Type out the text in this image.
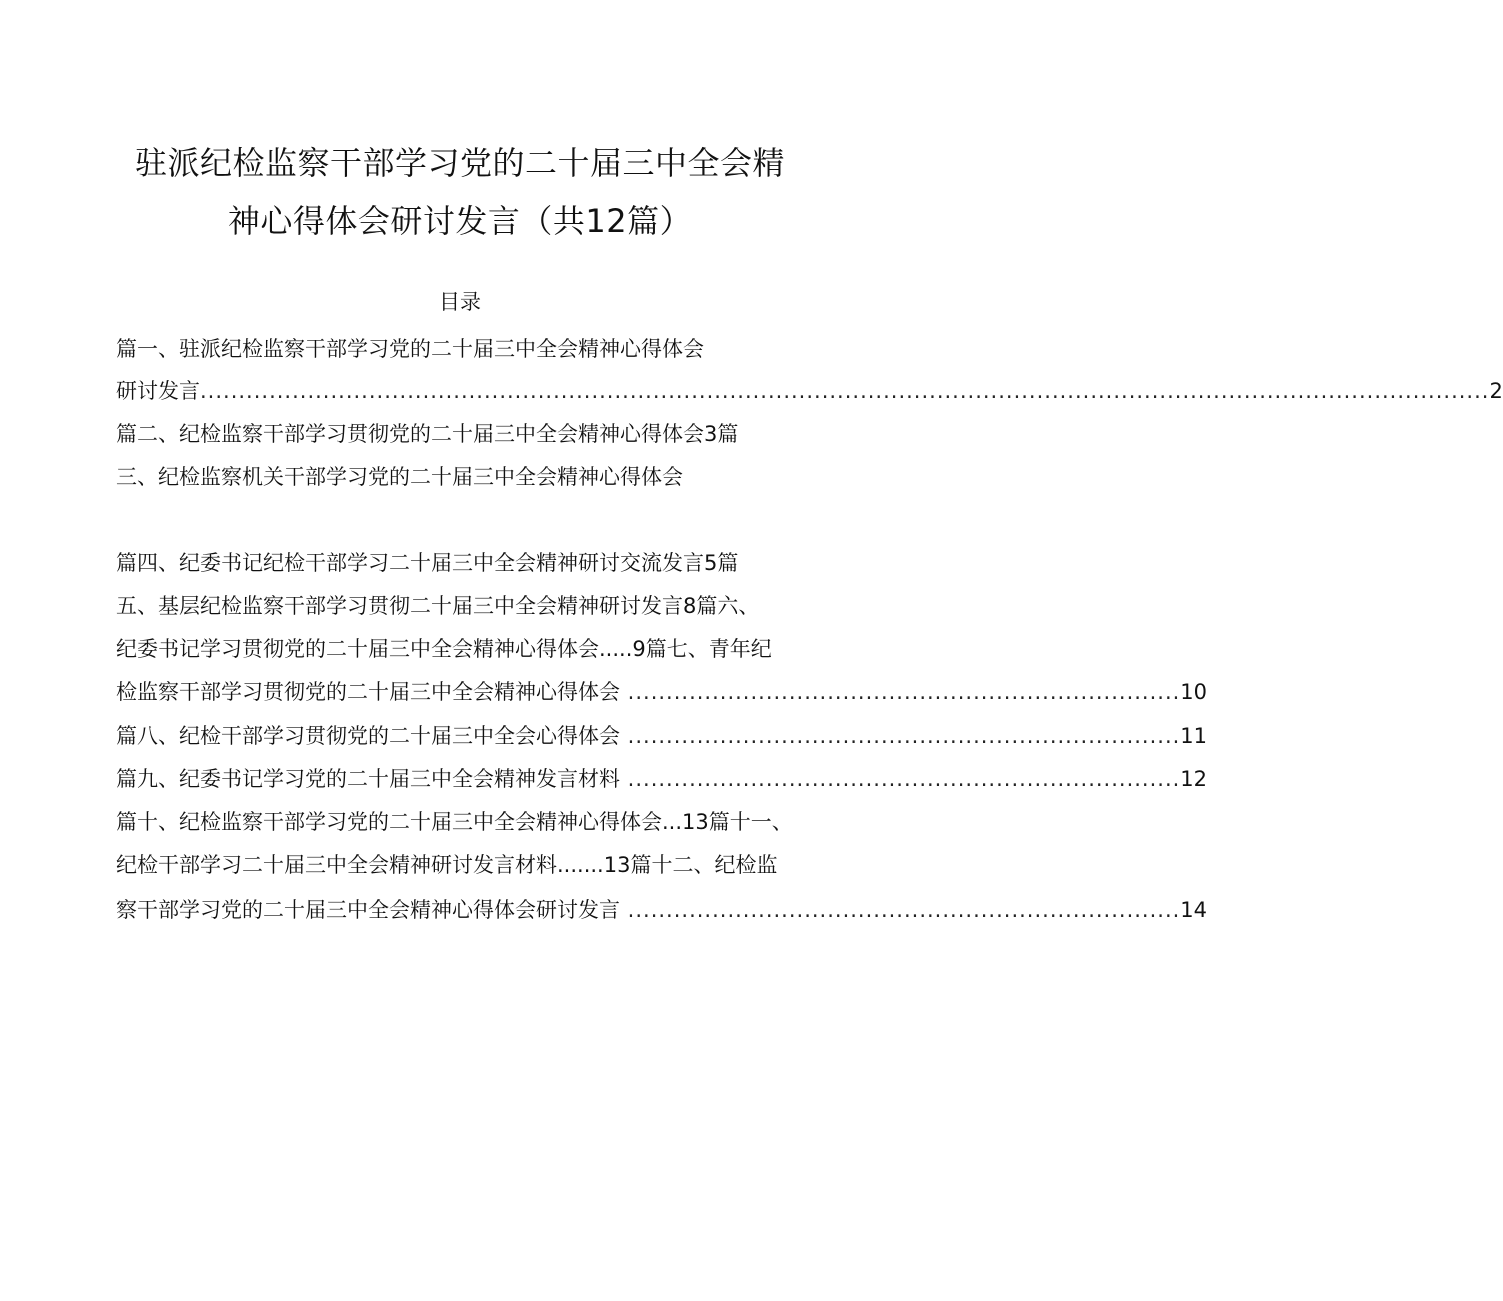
驻派纪检监察干部学习党的二十届三中全会精
神心得体会研讨发言（共12篇）
目录
篇一、驻派纪检监察干部学习党的二十届三中全会精神心得体会
研讨发言 ........................................................................................................................................................................ 2
篇二、纪检监察干部学习贯彻党的二十届三中全会精神心得体会3篇
三、纪检监察机关干部学习党的二十届三中全会精神心得体会
篇四、纪委书记纪检干部学习二十届三中全会精神研讨交流发言5篇
五、基层纪检监察干部学习贯彻二十届三中全会精神研讨发言8篇六、
纪委书记学习贯彻党的二十届三中全会精神心得体会.....9篇七、青年纪
检监察干部学习贯彻党的二十届三中全会精神心得体会 ........................................................................ 10
篇八、纪检干部学习贯彻党的二十届三中全会心得体会 ........................................................................ 11
篇九、纪委书记学习党的二十届三中全会精神发言材料 ........................................................................ 12
篇十、纪检监察干部学习党的二十届三中全会精神心得体会...13篇十一、
纪检干部学习二十届三中全会精神研讨发言材料.......13篇十二、纪检监
察干部学习党的二十届三中全会精神心得体会研讨发言 ........................................................................ 14
